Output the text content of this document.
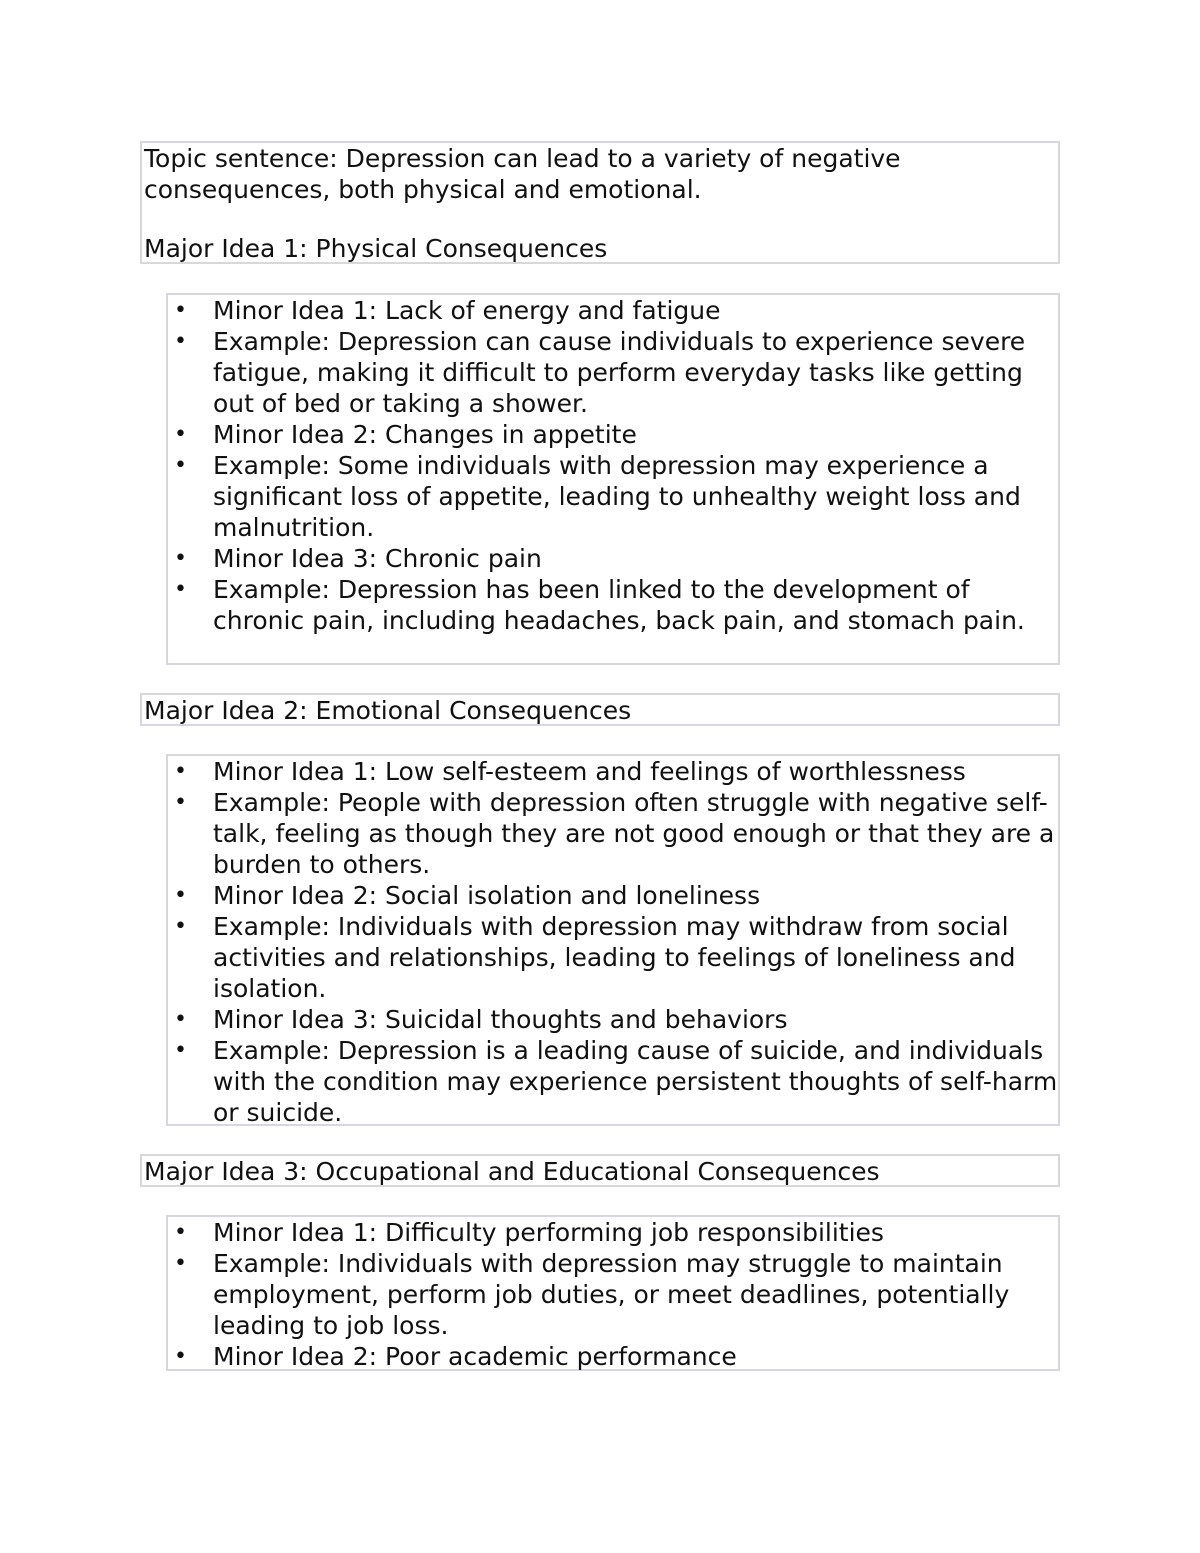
Topic sentence: Depression can lead to a variety of negative consequences, both physical and emotional.

Major Idea 1: Physical Consequences

• Minor Idea 1: Lack of energy and fatigue
• Example: Depression can cause individuals to experience severe fatigue, making it difficult to perform everyday tasks like getting out of bed or taking a shower.
• Minor Idea 2: Changes in appetite
• Example: Some individuals with depression may experience a significant loss of appetite, leading to unhealthy weight loss and malnutrition.
• Minor Idea 3: Chronic pain
• Example: Depression has been linked to the development of chronic pain, including headaches, back pain, and stomach pain.

Major Idea 2: Emotional Consequences

• Minor Idea 1: Low self-esteem and feelings of worthlessness
• Example: People with depression often struggle with negative self-talk, feeling as though they are not good enough or that they are a burden to others.
• Minor Idea 2: Social isolation and loneliness
• Example: Individuals with depression may withdraw from social activities and relationships, leading to feelings of loneliness and isolation.
• Minor Idea 3: Suicidal thoughts and behaviors
• Example: Depression is a leading cause of suicide, and individuals with the condition may experience persistent thoughts of self-harm or suicide.

Major Idea 3: Occupational and Educational Consequences

• Minor Idea 1: Difficulty performing job responsibilities
• Example: Individuals with depression may struggle to maintain employment, perform job duties, or meet deadlines, potentially leading to job loss.
• Minor Idea 2: Poor academic performance
